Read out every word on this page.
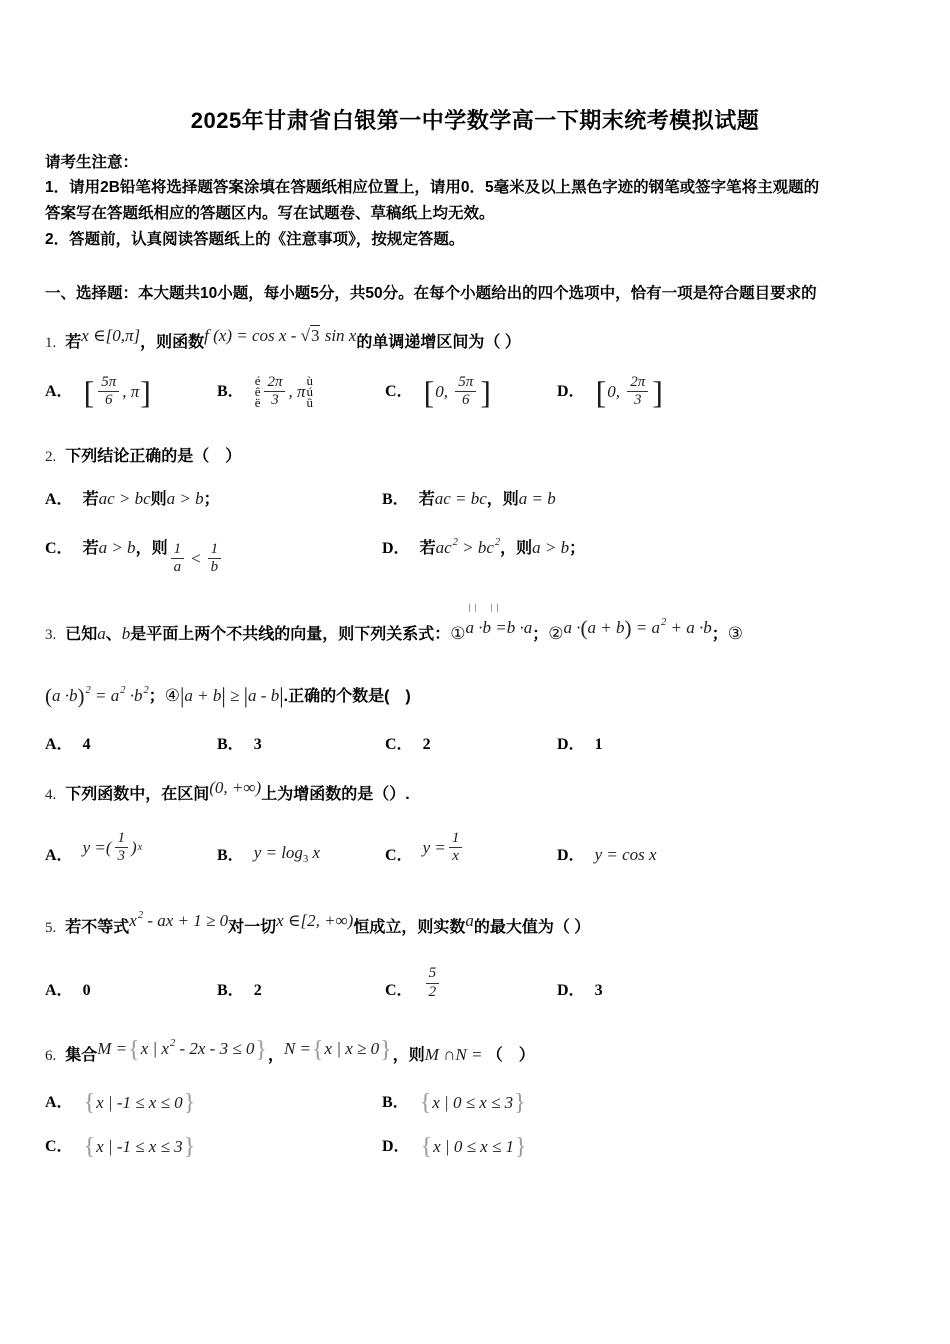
2025年甘肃省白银第一中学数学高一下期末统考模拟试题

请考生注意：

1．请用2B铅笔将选择题答案涂填在答题纸相应位置上，请用0．5毫米及以上黑色字迹的钢笔或签字笔将主观题的

答案写在答题纸相应的答题区内。写在试题卷、草稿纸上均无效。

2．答题前，认真阅读答题纸上的《注意事项》，按规定答题。

一、选择题：本大题共10小题，每小题5分，共50分。在每个小题给出的四个选项中，恰有一项是符合题目要求的

1. 若x ∈[0,π]，则函数f (x) = cos x - √3 sin x的单调递增区间为（ ）
A． [ $\frac{5\pi}{6}$ , π ]	B．
é
ê
ë $\frac{2\pi}{3}$ , π
ù
ú
û
C． [ 0, $\frac{5\pi}{6}$ ]	D． [ 0, $\frac{2\pi}{3}$ ]
2. 下列结论正确的是（　）
A． 若 ac > bc 则 a > b ；	B． 若 ac = bc ，则 a = b
C． 若 a > b ，则 $\frac{1}{a} < \frac{1}{b}$	D． 若 $ac^2 > bc^2$ ，则 a > b ；
3. 已知a、b是平面上两个不共线的向量，则下列关系式：①
| |    | |
a ·b =b ·a；②a $\cdot(a + b) = a^2 + a \cdot b$；③
$(a \cdot b)^2 = a^2 \cdot b^2$；④|a + b| ≥ |a - b|.正确的个数是(　)
A． 4	B． 3	C． 2	D． 1
4. 下列函数中，在区间(0, +∞)上为增函数的是（）.
A． y =( $\frac{1}{3}$ ) x	B． $y = \log_3 x$	C． $y = \frac{1}{x}$	D． y = cos x
5. 若不等式$x^2$ - ax + 1 ≥ 0对一切x ∈[2, +∞)恒成立，则实数a的最大值为（ ）
A． 0	B． 2	C． $\frac{5}{2}$	D． 3
6. 集合M ={x | $x^2 - 2x - 3 \le 0$}，N ={x | x ≥ 0}，则M ∩N = （　）
A． { x | -1 ≤ x ≤ 0 }	B． { x | 0 ≤ x ≤ 3 }
C． { x | -1 ≤ x ≤ 3 }	D． { x | 0 ≤ x ≤ 1 }
